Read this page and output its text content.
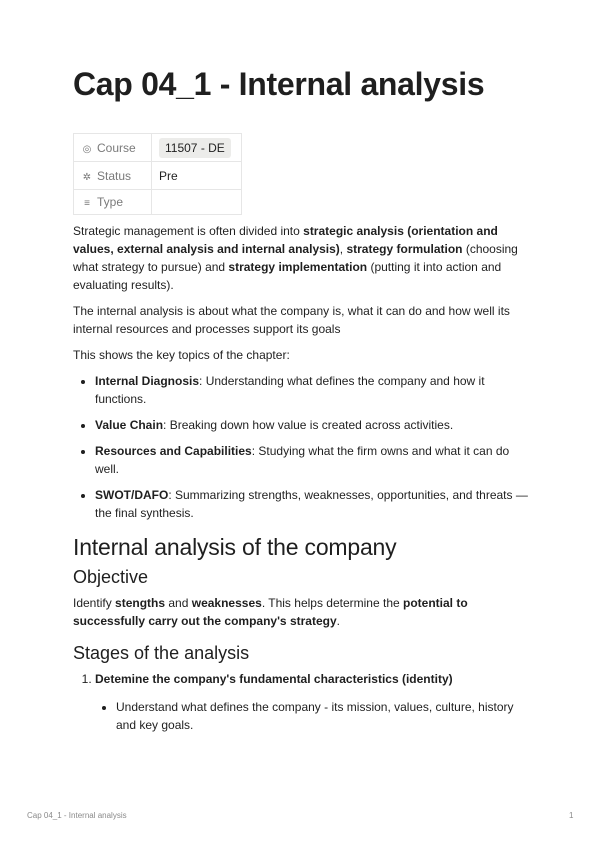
Cap 04_1 - Internal analysis
◎ Course	11507 - DE
✲ Status	Pre
≡ Type	

Strategic management is often divided into strategic analysis (orientation and values, external analysis and internal analysis), strategy formulation (choosing what strategy to pursue) and strategy implementation (putting it into action and evaluating results).

The internal analysis is about what the company is, what it can do and how well its internal resources and processes support its goals

This shows the key topics of the chapter:

• Internal Diagnosis: Understanding what defines the company and how it functions.
• Value Chain: Breaking down how value is created across activities.
• Resources and Capabilities: Studying what the firm owns and what it can do well.
• SWOT/DAFO: Summarizing strengths, weaknesses, opportunities, and threats — the final synthesis.
Internal analysis of the company
Objective

Identify stengths and weaknesses. This helps determine the potential to successfully carry out the company's strategy.

Stages of the analysis
1. Detemine the company's fundamental characteristics (identity)
• Understand what defines the company - its mission, values, culture, history and key goals.
Cap 04_1 - Internal analysis	1
